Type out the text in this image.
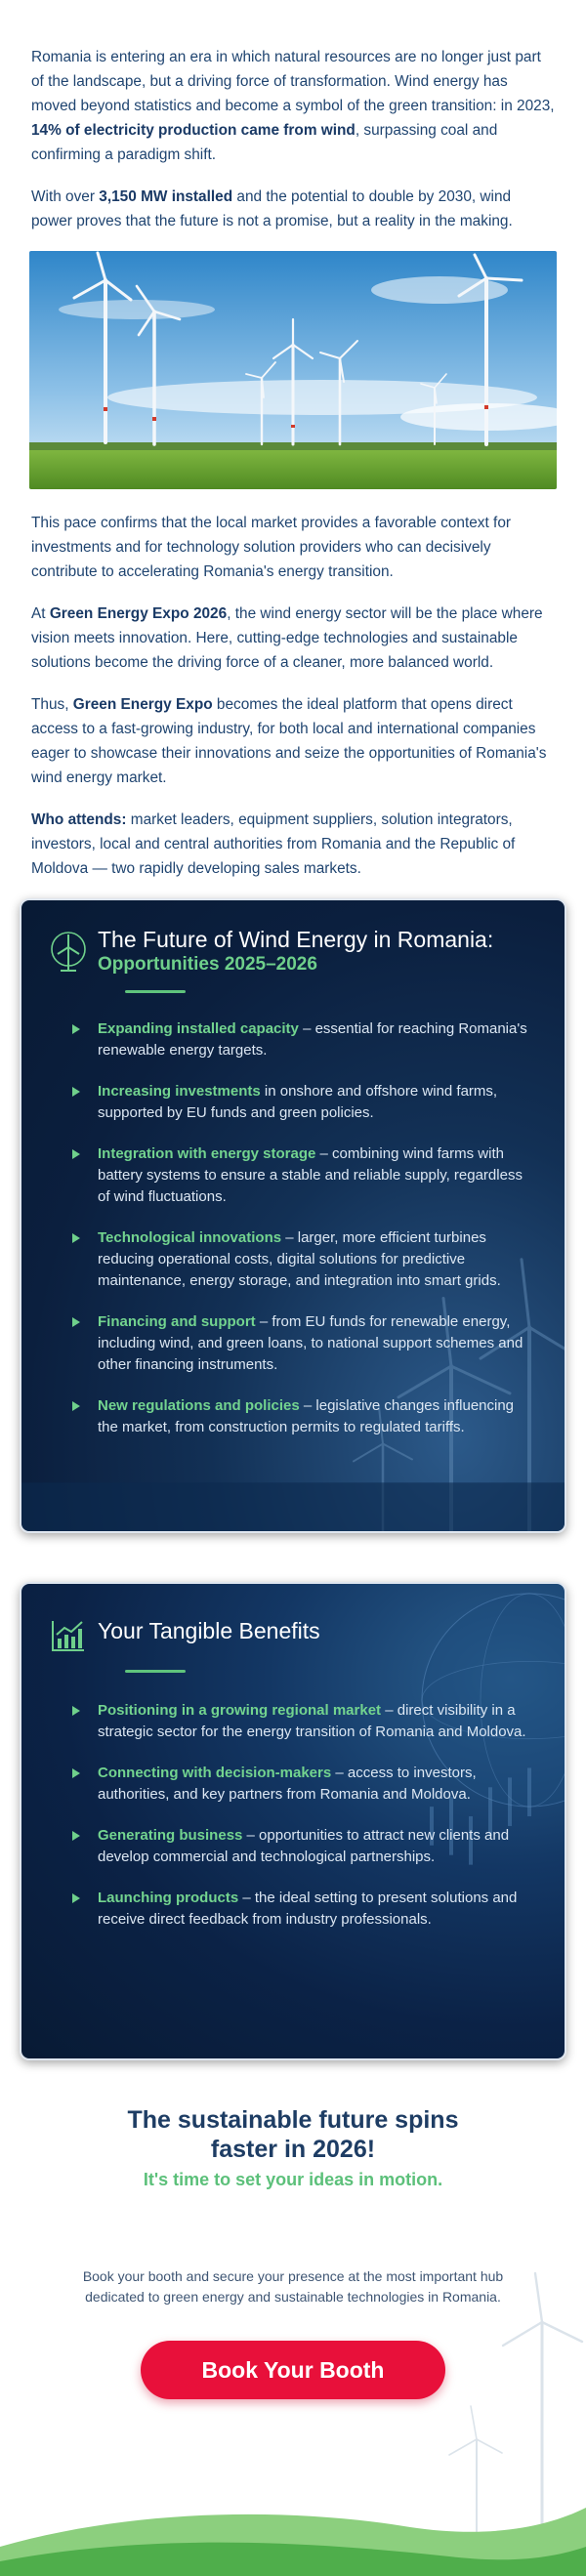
Romania is entering an era in which natural resources are no longer just part of the landscape, but a driving force of transformation. Wind energy has moved beyond statistics and become a symbol of the green transition: in 2023, 14% of electricity production came from wind, surpassing coal and confirming a paradigm shift.

With over 3,150 MW installed and the potential to double by 2030, wind power proves that the future is not a promise, but a reality in the making.

This pace confirms that the local market provides a favorable context for investments and for technology solution providers who can decisively contribute to accelerating Romania's energy transition.

At Green Energy Expo 2026, the wind energy sector will be the place where vision meets innovation. Here, cutting-edge technologies and sustainable solutions become the driving force of a cleaner, more balanced world.

Thus, Green Energy Expo becomes the ideal platform that opens direct access to a fast-growing industry, for both local and international companies eager to showcase their innovations and seize the opportunities of Romania's wind energy market.

Who attends: market leaders, equipment suppliers, solution integrators, investors, local and central authorities from Romania and the Republic of Moldova — two rapidly developing sales markets.

The Future of Wind Energy in Romania:
Opportunities 2025–2026
Expanding installed capacity – essential for reaching Romania's renewable energy targets.
Increasing investments in onshore and offshore wind farms, supported by EU funds and green policies.
Integration with energy storage – combining wind farms with battery systems to ensure a stable and reliable supply, regardless of wind fluctuations.
Technological innovations – larger, more efficient turbines reducing operational costs, digital solutions for predictive maintenance, energy storage, and integration into smart grids.
Financing and support – from EU funds for renewable energy, including wind, and green loans, to national support schemes and other financing instruments.
New regulations and policies – legislative changes influencing the market, from construction permits to regulated tariffs.
Your Tangible Benefits
Positioning in a growing regional market – direct visibility in a strategic sector for the energy transition of Romania and Moldova.
Connecting with decision-makers – access to investors, authorities, and key partners from Romania and Moldova.
Generating business – opportunities to attract new clients and develop commercial and technological partnerships.
Launching products – the ideal setting to present solutions and receive direct feedback from industry professionals.
The sustainable future spins faster in 2026!

It's time to set your ideas in motion.

Book your booth and secure your presence at the most important hub dedicated to green energy and sustainable technologies in Romania.

Book Your Booth
